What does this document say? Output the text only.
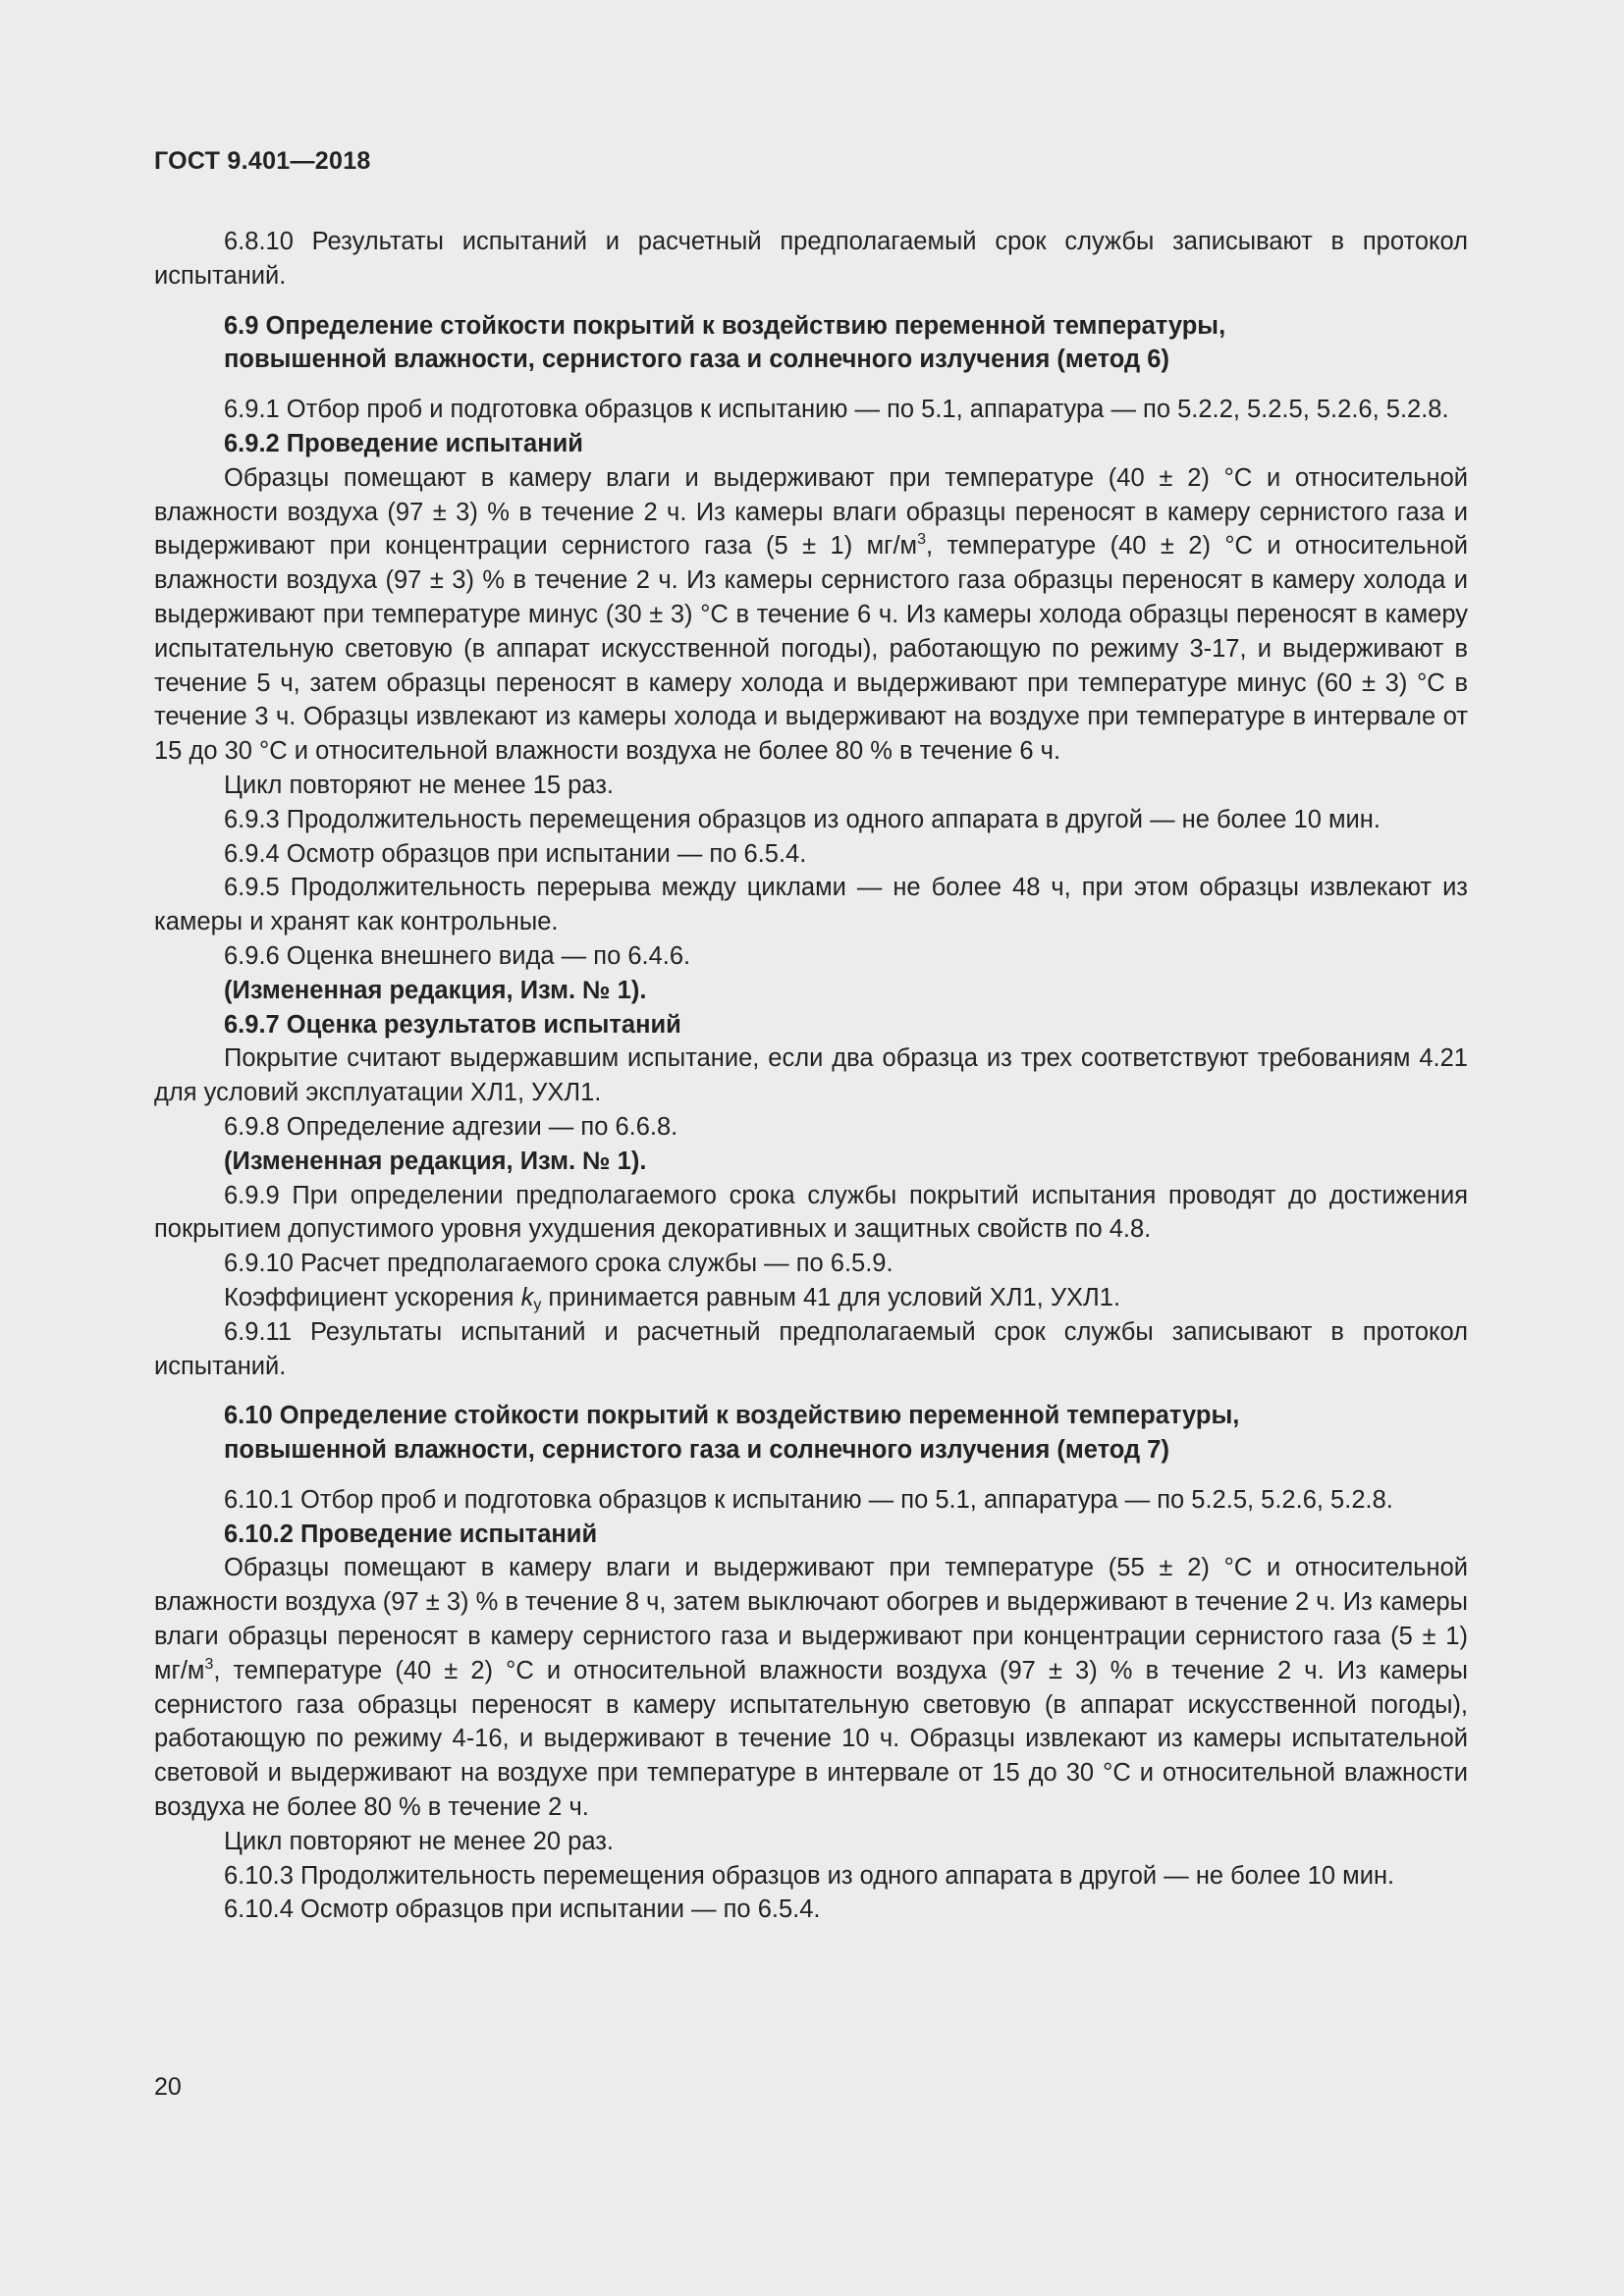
ГОСТ 9.401—2018

6.8.10 Результаты испытаний и расчетный предполагаемый срок службы записывают в протокол испытаний.

6.9 Определение стойкости покрытий к воздействию переменной температуры,
повышенной влажности, сернистого газа и солнечного излучения (метод 6)

6.9.1 Отбор проб и подготовка образцов к испытанию — по 5.1, аппаратура — по 5.2.2, 5.2.5, 5.2.6, 5.2.8.

6.9.2 Проведение испытаний

Образцы помещают в камеру влаги и выдерживают при температуре (40 ± 2) °С и относительной влажности воздуха (97 ± 3) % в течение 2 ч. Из камеры влаги образцы переносят в камеру сернистого газа и выдерживают при концентрации сернистого газа (5 ± 1) $мг/м^3$, температуре (40 ± 2) °С и относительной влажности воздуха (97 ± 3) % в течение 2 ч. Из камеры сернистого газа образцы переносят в камеру холода и выдерживают при температуре минус (30 ± 3) °С в течение 6 ч. Из камеры холода образцы переносят в камеру испытательную световую (в аппарат искусственной погоды), работающую по режиму 3-17, и выдерживают в течение 5 ч, затем образцы переносят в камеру холода и выдерживают при температуре минус (60 ± 3) °С в течение 3 ч. Образцы извлекают из камеры холода и выдерживают на воздухе при температуре в интервале от 15 до 30 °С и относительной влажности воздуха не более 80 % в течение 6 ч.

Цикл повторяют не менее 15 раз.

6.9.3 Продолжительность перемещения образцов из одного аппарата в другой — не более 10 мин.

6.9.4 Осмотр образцов при испытании — по 6.5.4.

6.9.5 Продолжительность перерыва между циклами — не более 48 ч, при этом образцы извлекают из камеры и хранят как контрольные.

6.9.6 Оценка внешнего вида — по 6.4.6.

(Измененная редакция, Изм. № 1).

6.9.7 Оценка результатов испытаний

Покрытие считают выдержавшим испытание, если два образца из трех соответствуют требованиям 4.21 для условий эксплуатации ХЛ1, УХЛ1.

6.9.8 Определение адгезии — по 6.6.8.

(Измененная редакция, Изм. № 1).

6.9.9 При определении предполагаемого срока службы покрытий испытания проводят до достижения покрытием допустимого уровня ухудшения декоративных и защитных свойств по 4.8.

6.9.10 Расчет предполагаемого срока службы — по 6.5.9.

Коэффициент ускорения $k_у$ принимается равным 41 для условий ХЛ1, УХЛ1.

6.9.11 Результаты испытаний и расчетный предполагаемый срок службы записывают в протокол испытаний.

6.10 Определение стойкости покрытий к воздействию переменной температуры,
повышенной влажности, сернистого газа и солнечного излучения (метод 7)

6.10.1 Отбор проб и подготовка образцов к испытанию — по 5.1, аппаратура — по 5.2.5, 5.2.6, 5.2.8.

6.10.2 Проведение испытаний

Образцы помещают в камеру влаги и выдерживают при температуре (55 ± 2) °С и относительной влажности воздуха (97 ± 3) % в течение 8 ч, затем выключают обогрев и выдерживают в течение 2 ч. Из камеры влаги образцы переносят в камеру сернистого газа и выдерживают при концентрации сернистого газа (5 ± 1) $мг/м^3$, температуре (40 ± 2) °С и относительной влажности воздуха (97 ± 3) % в течение 2 ч. Из камеры сернистого газа образцы переносят в камеру испытательную световую (в аппарат искусственной погоды), работающую по режиму 4-16, и выдерживают в течение 10 ч. Образцы извлекают из камеры испытательной световой и выдерживают на воздухе при температуре в интервале от 15 до 30 °С и относительной влажности воздуха не более 80 % в течение 2 ч.

Цикл повторяют не менее 20 раз.

6.10.3 Продолжительность перемещения образцов из одного аппарата в другой — не более 10 мин.

6.10.4 Осмотр образцов при испытании — по 6.5.4.

20
